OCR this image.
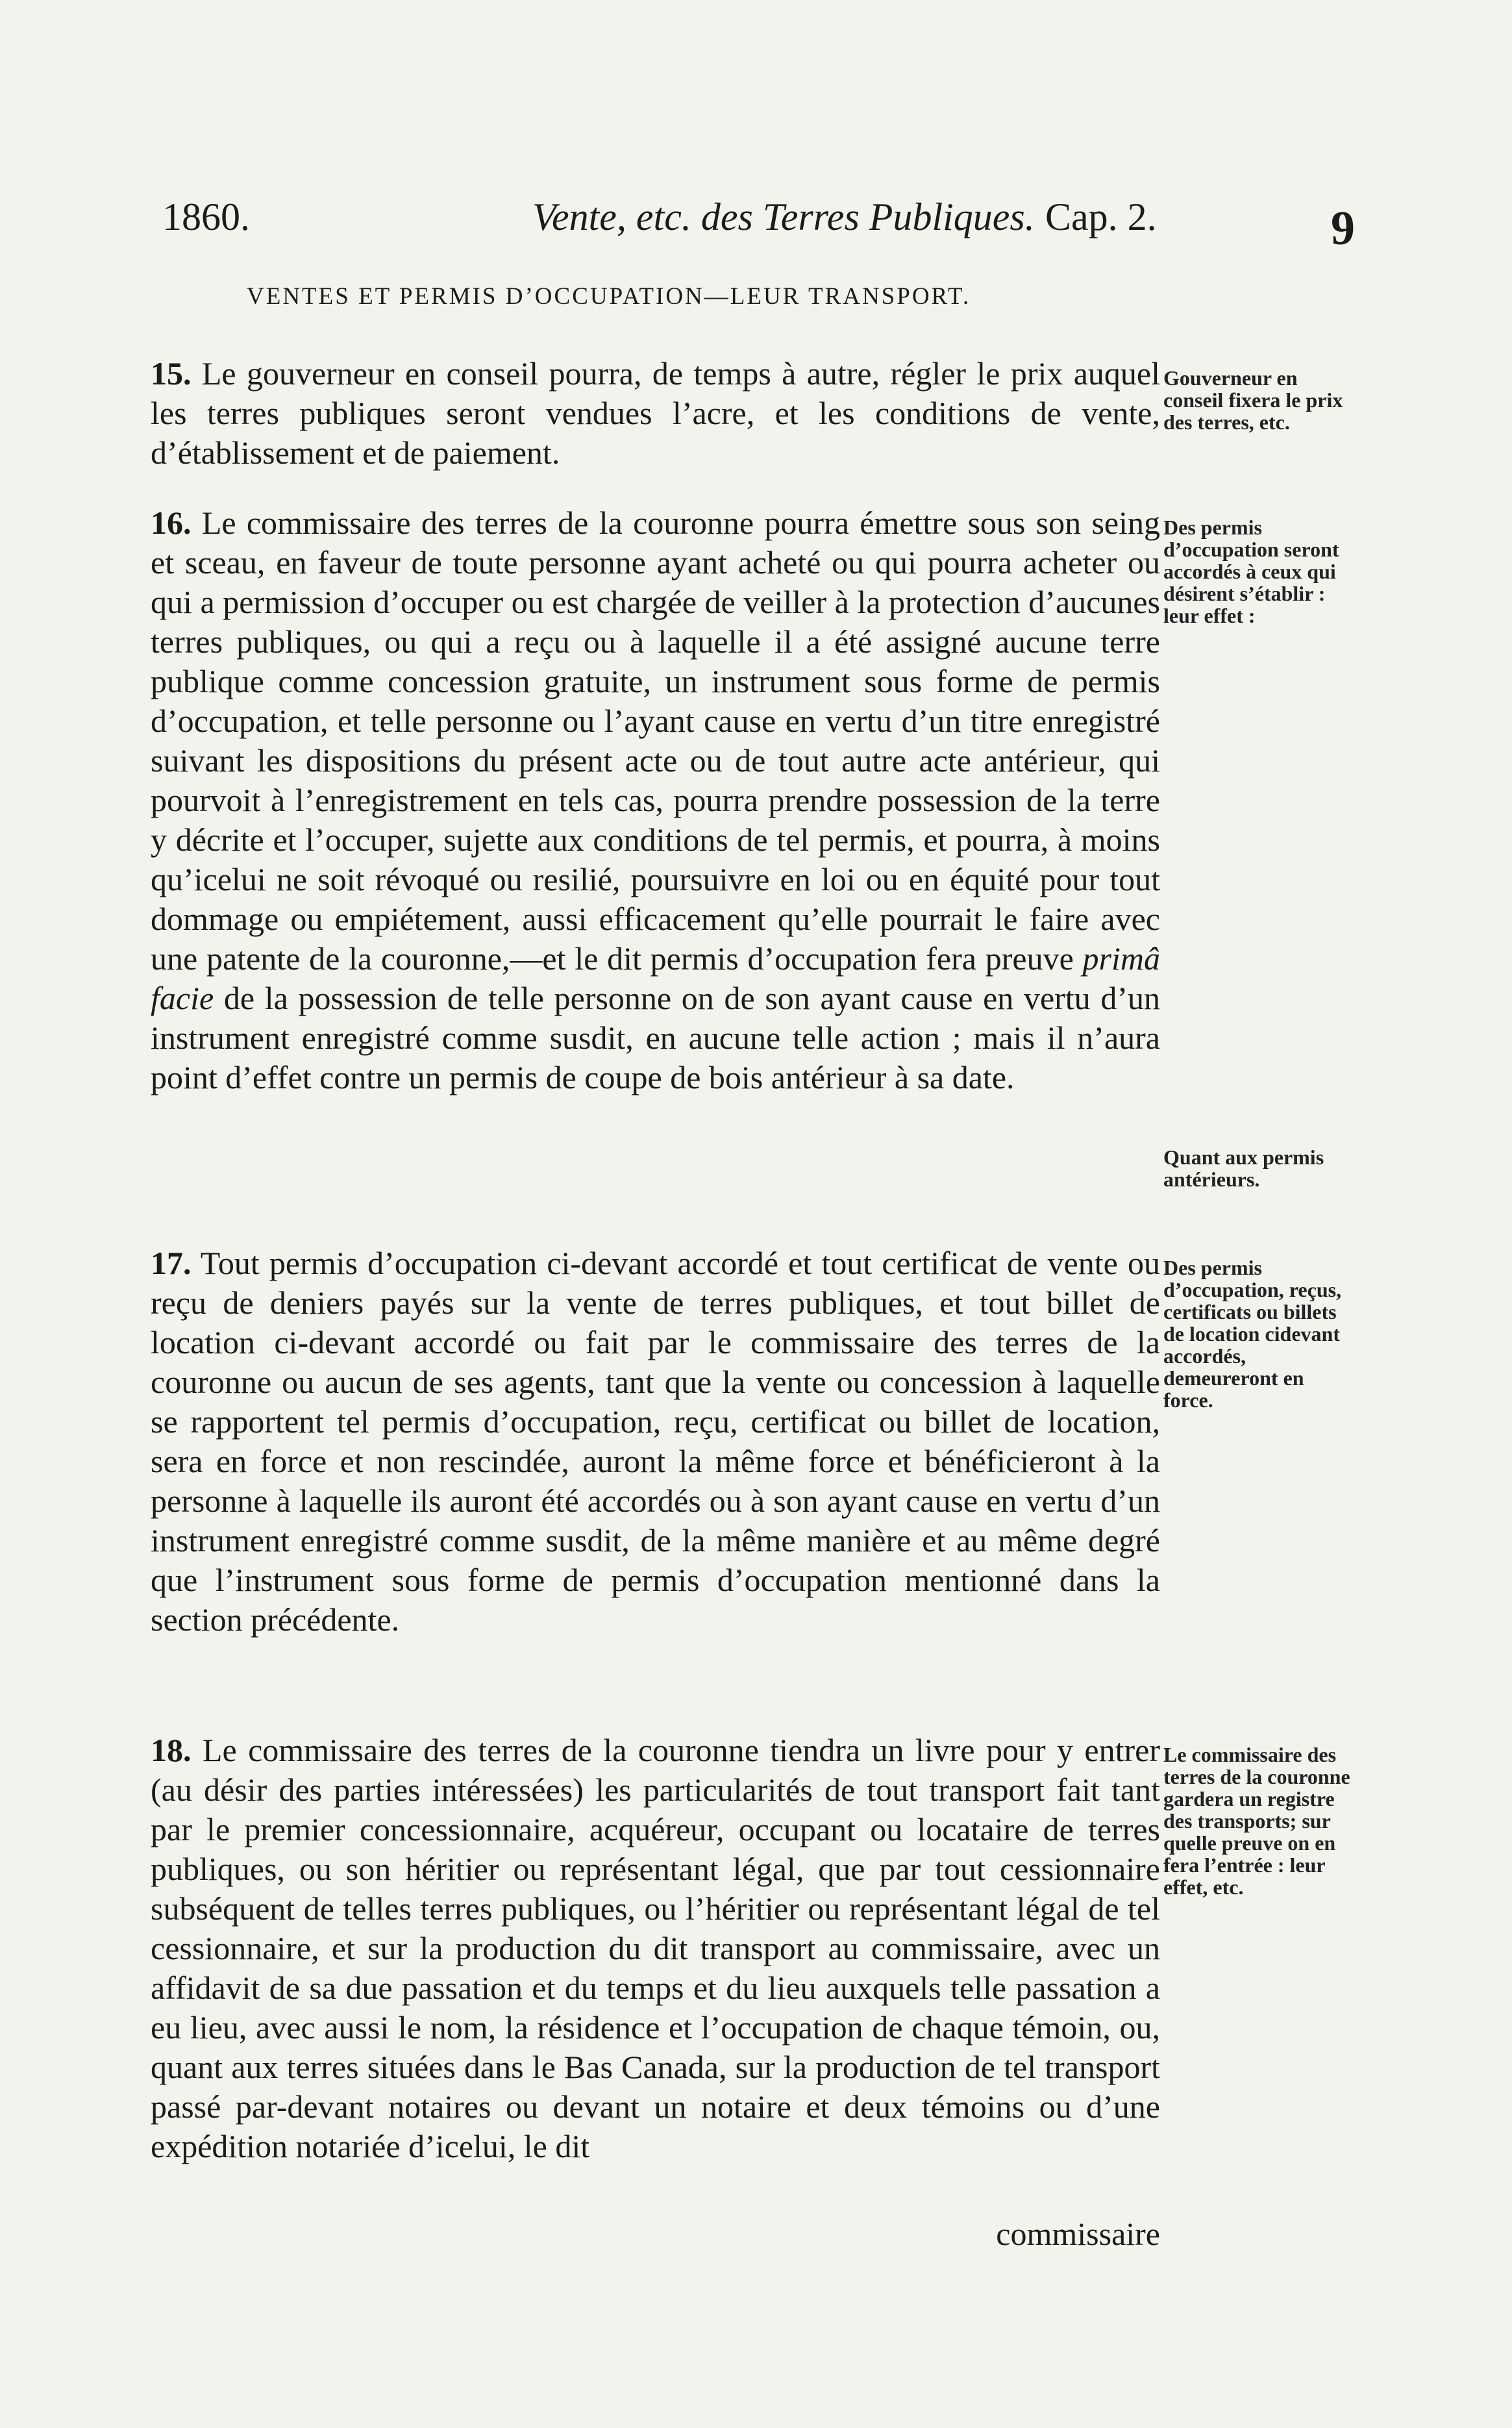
1860.	Vente, etc. des Terres Publiques. Cap. 2.	9
VENTES ET PERMIS D’OCCUPATION—LEUR TRANSPORT.
15. Le gouverneur en conseil pourra, de temps à autre, régler le prix auquel les terres publiques seront vendues l’acre, et les conditions de vente, d’établissement et de paiement.
Gouverneur en conseil fixera le prix des terres, etc.
16. Le commissaire des terres de la couronne pourra émettre sous son seing et sceau, en faveur de toute personne ayant acheté ou qui pourra acheter ou qui a permission d’occuper ou est chargée de veiller à la protection d’aucunes terres publiques, ou qui a reçu ou à laquelle il a été assigné aucune terre publique comme concession gratuite, un instrument sous forme de permis d’occupation, et telle personne ou l’ayant cause en vertu d’un titre enregistré suivant les dispositions du présent acte ou de tout autre acte antérieur, qui pourvoit à l’enregistrement en tels cas, pourra prendre possession de la terre y décrite et l’occuper, sujette aux conditions de tel permis, et pourra, à moins qu’icelui ne soit révoqué ou resilié, poursuivre en loi ou en équité pour tout dommage ou empiétement, aussi efficacement qu’elle pourrait le faire avec une patente de la couronne,—et le dit permis d’occupation fera preuve primâ facie de la possession de telle personne on de son ayant cause en vertu d’un instrument enregistré comme susdit, en aucune telle action ; mais il n’aura point d’effet contre un permis de coupe de bois antérieur à sa date.
Des permis d’occupation seront accordés à ceux qui désirent s’établir : leur effet :
Quant aux permis antérieurs.
17. Tout permis d’occupation ci-devant accordé et tout certificat de vente ou reçu de deniers payés sur la vente de terres publiques, et tout billet de location ci-devant accordé ou fait par le commissaire des terres de la couronne ou aucun de ses agents, tant que la vente ou concession à laquelle se rapportent tel permis d’occupation, reçu, certificat ou billet de location, sera en force et non rescindée, auront la même force et bénéficieront à la personne à laquelle ils auront été accordés ou à son ayant cause en vertu d’un instrument enregistré comme susdit, de la même manière et au même degré que l’instrument sous forme de permis d’occupation mentionné dans la section précédente.
Des permis d’occupation, reçus, certificats ou billets de location cidevant accordés, demeureront en force.
18. Le commissaire des terres de la couronne tiendra un livre pour y entrer (au désir des parties intéressées) les particularités de tout transport fait tant par le premier concessionnaire, acquéreur, occupant ou locataire de terres publiques, ou son héritier ou représentant légal, que par tout cessionnaire subséquent de telles terres publiques, ou l’héritier ou représentant légal de tel cessionnaire, et sur la production du dit transport au commissaire, avec un affidavit de sa due passation et du temps et du lieu auxquels telle passation a eu lieu, avec aussi le nom, la résidence et l’occupation de chaque témoin, ou, quant aux terres situées dans le Bas Canada, sur la production de tel transport passé par-devant notaires ou devant un notaire et deux témoins ou d’une expédition notariée d’icelui, le dit
Le commissaire des terres de la couronne gardera un registre des transports; sur quelle preuve on en fera l’entrée : leur effet, etc.
commissaire
